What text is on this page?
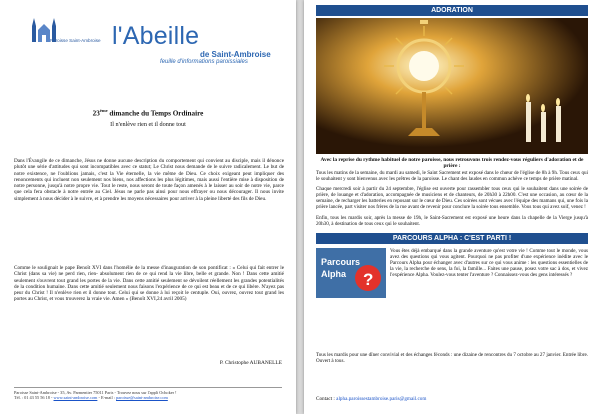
Paroisse Saint-Ambroise l'Abeille
de Saint-Ambroise
feuille d'informations paroissiales
23ème dimanche du Temps Ordinaire
Il n'enlève rien et il donne tout
Dans l'Évangile de ce dimanche, Jésus ne donne aucune description du comportement qui convient au disciple, mais il dénonce plutôt une série d'attitudes qui sont incompatibles avec ce statut; Le Christ nous demande de le suivre radicalement. Le but de notre existence, ne l'oublions jamais, c'est la Vie éternelle, la vie même de Dieu. Ce choix exigeant peut impliquer des renoncements qui incluent non seulement nos biens, nos affections les plus légitimes, mais aussi l'entière mise à disposition de notre personne, jusqu'à notre propre vie. Tout le reste, nous seront de toute façon amenés à le laisser au soir de notre vie, parce que cela fera obstacle à notre entrée au Ciel. Jésus ne parle pas ainsi pour nous effrayer ou nous décourager. Il nous invite simplement à nous décider à le suivre, et à prendre les moyens nécessaires pour arriver à la pleine liberté des fils de Dieu.
Comme le soulignait le pape Benoît XVI dans l'homélie de la messe d'inauguration de son pontificat : « Celui qui fait entrer le Christ (dans sa vie) ne perd rien, rien- absolument rien de ce qui rend la vie libre, belle et grande. Non ! Dans cette amitié seulement s'ouvrent tout grand les portes de la vie. Dans cette amitié seulement se dévoilent réellement les grandes potentialités de la condition humaine. Dans cette amitié seulement nous faisons l'expérience de ce qui est beau et de ce qui libère. N'ayez pas peur du Christ ! Il n'enlève rien et il donne tout. Celui qui se donne à lui reçoit le centuple. Oui, ouvrez, ouvrez tout grand les portes au Christ, et vous trouverez la vraie vie. Amen » (Benoît XVI,24 avril 2005)
P. Christophe AUBANELLE
Paroisse Saint-Ambroise - 35, Av. Parmentier 75011 Paris - Trouvez nous sur l'appli Ochoker !
Tél. : 01 43 55 56 18 - www.saint-ambroise.com - E-mail : paroisse@saint-ambroise.com
ADORATION
Avec la reprise du rythme habituel de notre paroisse, nous retrouvons trois rendez-vous réguliers d'adoration et de prière :

Tous les matins de la semaine, du mardi au samedi, le Saint Sacrement est exposé dans le chœur de l'église de 8h à 9h. Tous ceux qui le souhaitent y sont bienvenus avec les prêtres de la paroisse. Le chant des laudes en commun achève ce temps de prière matinal.

Chaque mercredi soir à partir du 24 septembre, l'église est ouverte pour rassembler tous ceux qui le souhaitent dans une soirée de prière, de louange et d'adoration, accompagnée de musiciens et de chanteurs, de 20h30 à 22h00. C'est une occasion, au cœur de la semaine, de recharger les batteries en reposant sur le cœur de Dieu. Ces soirées sont vécues avec l'équipe des mamans qui, une fois la prière lancée, part visiter nos frères de la rue avant de revenir pour conclure la soirée tous ensemble. Vous tous qui avez soif, venez !

Enfin, tous les mardis soir, après la messe de 19h, le Saint-Sacrement est exposé une heure dans la chapelle de la Vierge jusqu'à 20h30, à destination de tous ceux qui le souhaitent.

PARCOURS ALPHA : C'EST PARTI !
Parcours
Alpha ?
Vous êtes déjà embarqué dans la grande aventure qu'est votre vie ! Comme tout le monde, vous avez des questions qui vous agitent. Pourquoi ne pas profiter d'une expérience inédite avec le Parcours Alpha pour échanger avec d'autres sur ce qui vous anime : les questions essentielles de la vie, la recherche de sens, la foi, la famille... Faites une pause, posez votre sac à dos, et vivez l'expérience Alpha. Voulez-vous tenter l'aventure ? Connaissez-vous des gens intéressés ?
Tous les mardis pour une dîner convivial et des échanges féconds : une dizaine de rencontres du 7 octobre au 27 janvier. Entrée libre. Ouvert à tous.
Contact : alpha.paroissestambroise.paris@gmail.com
